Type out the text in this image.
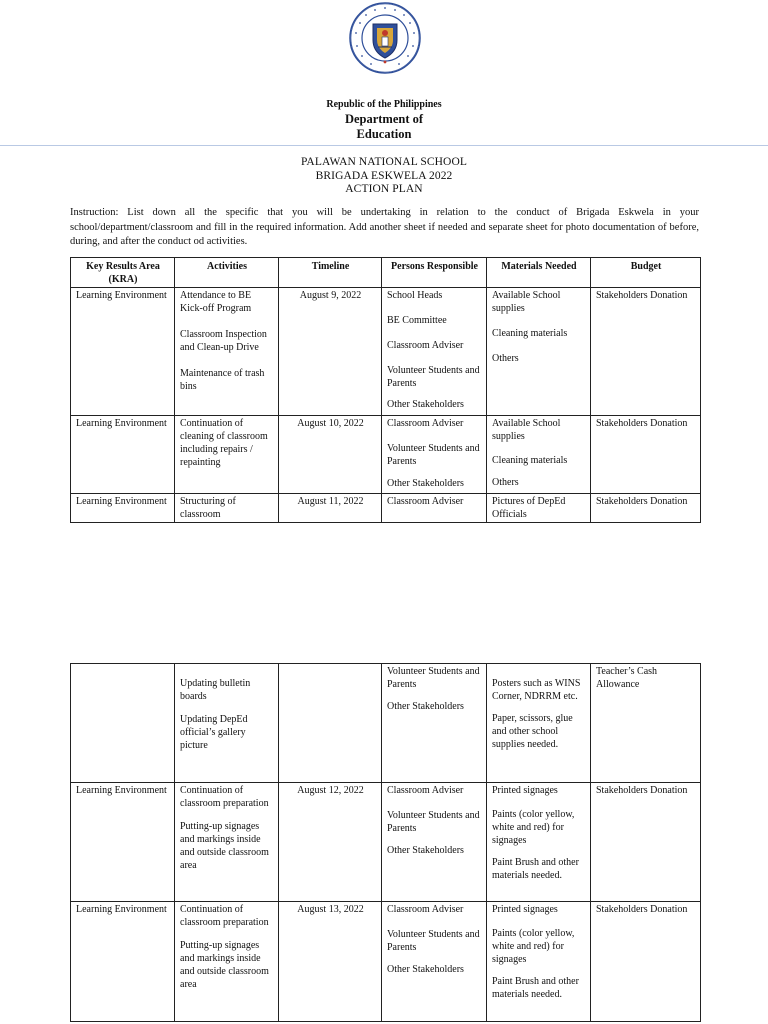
Republic of the Philippines
Department of
Education
PALAWAN NATIONAL SCHOOL
BRIGADA ESKWELA 2022
ACTION PLAN
Instruction: List down all the specific that you will be undertaking in relation to the conduct of Brigada Eskwela in your school/department/classroom and fill in the required information. Add another sheet if needed and separate sheet for photo documentation of before, during, and after the conduct od activities.
Key Results Area (KRA)	Activities	Timeline	Persons Responsible	Materials Needed	Budget
Learning Environment	Attendance to BE Kick-off Program
Classroom Inspection and Clean-up Drive
Maintenance of trash bins	August 9, 2022	School Heads
BE Committee
Classroom Adviser
Volunteer Students and Parents
Other Stakeholders	Available School supplies
Cleaning materials
Others	Stakeholders Donation
Learning Environment	Continuation of cleaning of classroom including repairs / repainting	August 10, 2022	Classroom Adviser
Volunteer Students and Parents
Other Stakeholders	Available School supplies
Cleaning materials
Others	Stakeholders Donation
Learning Environment	Structuring of classroom	August 11, 2022	Classroom Adviser	Pictures of DepEd Officials	Stakeholders Donation

	Updating bulletin boards
Updating DepEd official’s gallery picture		Volunteer Students and Parents
Other Stakeholders	Posters such as WINS Corner, NDRRM etc.
Paper, scissors, glue and other school supplies needed.	Teacher’s Cash Allowance
Learning Environment	Continuation of classroom preparation
Putting-up signages and markings inside and outside classroom area	August 12, 2022	Classroom Adviser
Volunteer Students and Parents
Other Stakeholders	Printed signages
Paints (color yellow, white and red) for signages
Paint Brush and other materials needed.	Stakeholders Donation
Learning Environment	Continuation of classroom preparation
Putting-up signages and markings inside and outside classroom area	August 13, 2022	Classroom Adviser
Volunteer Students and Parents
Other Stakeholders	Printed signages
Paints (color yellow, white and red) for signages
Paint Brush and other materials needed.	Stakeholders Donation
